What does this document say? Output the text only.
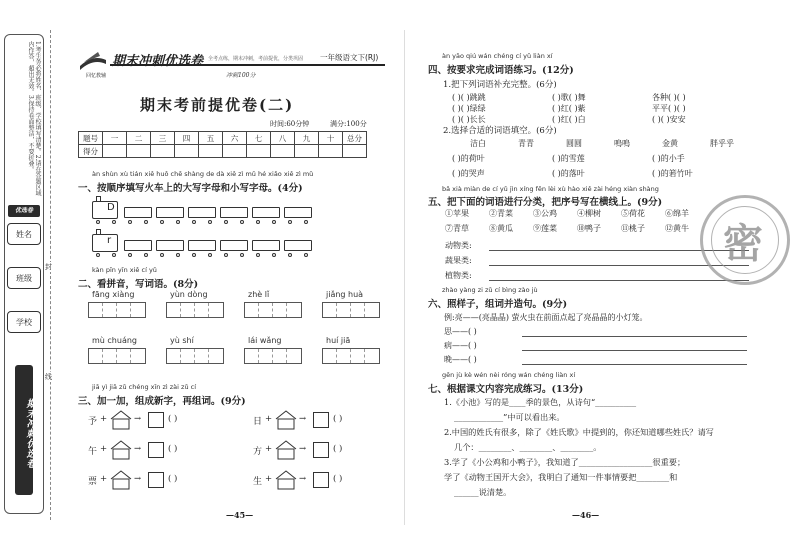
1.考生务必将姓名、班级、学校填写清楚。2.请在答题区域内作答，超出无效。3.保持卷面整洁，不要折叠。
优选卷
姓名
班级
学校
期末冲刺优选卷
封
线
期末冲刺优选卷
回忆教辅
全考点练，期末冲刺，考前提优，分类巩固 一年级语文下(RJ)
冲刺100分
期末考前提优卷(二)
时间:60分钟	满分:100分
题号	一	二	三	四	五	六	七	八	九	十	总分
得分											
àn shùn xù tián xiě huǒ chē shàng de dà xiě zì mǔ hé xiǎo xiě zì mǔ
一、按顺序填写火车上的大写字母和小写字母。(4分)
D
r
kàn pīn yīn xiě cí yǔ
二、看拼音，写词语。(8分)
fāng xiàng	yùn dòng	zhè lǐ	jiǎng huà
mù chuáng	yù shí	lái wǎng	huí jiā
jiā yì jiā zǔ chéng xīn zì zài zǔ cí
三、加一加，组成新字，再组词。(9分)
予 +	→	( )	日 +	→	( )
午 +	→	( )	方 +	→	( )
票 +	→	( )	生 +	→	( )
—45—
àn yāo qiú wán chéng cí yǔ liàn xí
四、按要求完成词语练习。(12分)
1.把下列词语补充完整。(6分)
( )( )跳跳	( )歌( )舞	各种( )( )
( )( )绿绿	( )红( )紫	平平( )( )
( )( )长长	( )红( )白	( )( )安安
2.选择合适的词语填空。(6分)
洁白	青青	圆圆	嗚嗚	金黄	胖乎乎
( )的荷叶	( )的雪莲	( )的小手
( )的哭声	( )的落叶	( )的箬竹叶
bǎ xià miàn de cí yǔ jìn xíng fēn lèi xù hào xiě zài héng xiàn shàng
五、把下面的词语进行分类，把序号写在横线上。(9分)
①苹果	②青菜	③公鸡	④柳树	⑤荷花	⑥绵羊
⑦青草	⑧黄瓜	⑨莲菜	⑩鸭子	⑪桃子	⑫黄牛
动物类:
蔬果类:
植物类:
zhào yàng zi zǔ cí bìng zào jù
六、照样子，组词并造句。(9分)
例:亮——(亮晶晶) 萤火虫在前面点起了亮晶晶的小灯笼。
思——( )
病——( )
晚——( )
gēn jù kè wén nèi róng wán chéng liàn xí
七、根据课文内容完成练习。(13分)
1.《小池》写的是____季的景色，从诗句“__________
____________”中可以看出来。
2.中国的姓氏有很多，除了《姓氏歌》中提到的，你还知道哪些姓氏？请写
几个：________、________、________。
3.学了《小公鸡和小鸭子》，我知道了__________________很重要；
学了《动物王国开大会》，我明白了通知一件事情要把________和
______说清楚。
—46—
密
